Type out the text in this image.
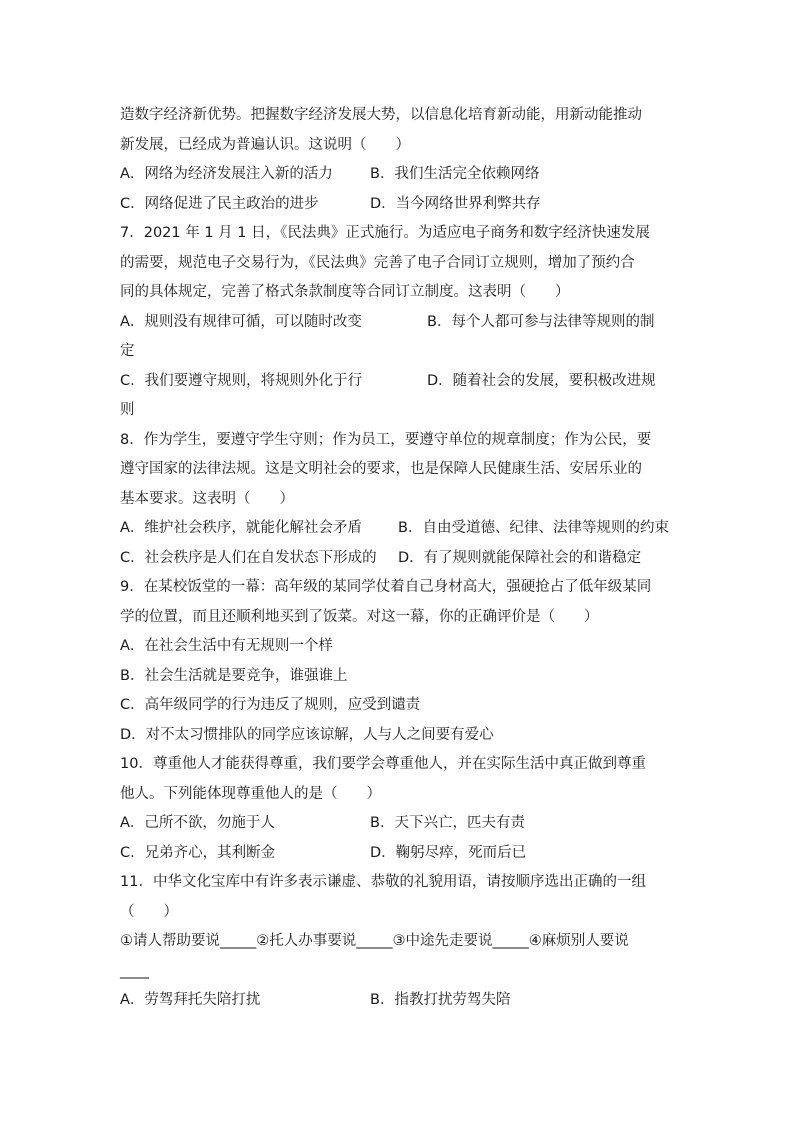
造数字经济新优势。把握数字经济发展大势，以信息化培育新动能，用新动能推动
新发展，已经成为普遍认识。这说明（　　）
A．网络为经济发展注入新的活力	B．我们生活完全依赖网络
C．网络促进了民主政治的进步	D．当今网络世界利弊共存
7．2021 年 1 月 1 日，《民法典》正式施行。为适应电子商务和数字经济快速发展
的需要，规范电子交易行为，《民法典》完善了电子合同订立规则，增加了预约合
同的具体规定，完善了格式条款制度等合同订立制度。这表明（　　）
A．规则没有规律可循，可以随时改变	B．每个人都可参与法律等规则的制
定
C．我们要遵守规则，将规则外化于行	D．随着社会的发展，要积极改进规
则
8．作为学生，要遵守学生守则；作为员工，要遵守单位的规章制度；作为公民，要
遵守国家的法律法规。这是文明社会的要求，也是保障人民健康生活、安居乐业的
基本要求。这表明（　　）
A．维护社会秩序，就能化解社会矛盾	B．自由受道德、纪律、法律等规则的约束
C．社会秩序是人们在自发状态下形成的	D．有了规则就能保障社会的和谐稳定
9．在某校饭堂的一幕：高年级的某同学仗着自己身材高大，强硬抢占了低年级某同
学的位置，而且还顺利地买到了饭菜。对这一幕，你的正确评价是（　　）
A．在社会生活中有无规则一个样
B．社会生活就是要竞争，谁强谁上
C．高年级同学的行为违反了规则，应受到谴责
D．对不太习惯排队的同学应该谅解，人与人之间要有爱心
10．尊重他人才能获得尊重，我们要学会尊重他人，并在实际生活中真正做到尊重
他人。下列能体现尊重他人的是（　　）
A．己所不欲，勿施于人	B．天下兴亡，匹夫有责
C．兄弟齐心，其利断金	D．鞠躬尽瘁，死而后已
11．中华文化宝库中有许多表示谦虚、恭敬的礼貌用语，请按顺序选出正确的一组
（　　）
①请人帮助要说_____②托人办事要说_____③中途先走要说_____④麻烦别人要说
____
A．劳驾拜托失陪打扰	B．指教打扰劳驾失陪
